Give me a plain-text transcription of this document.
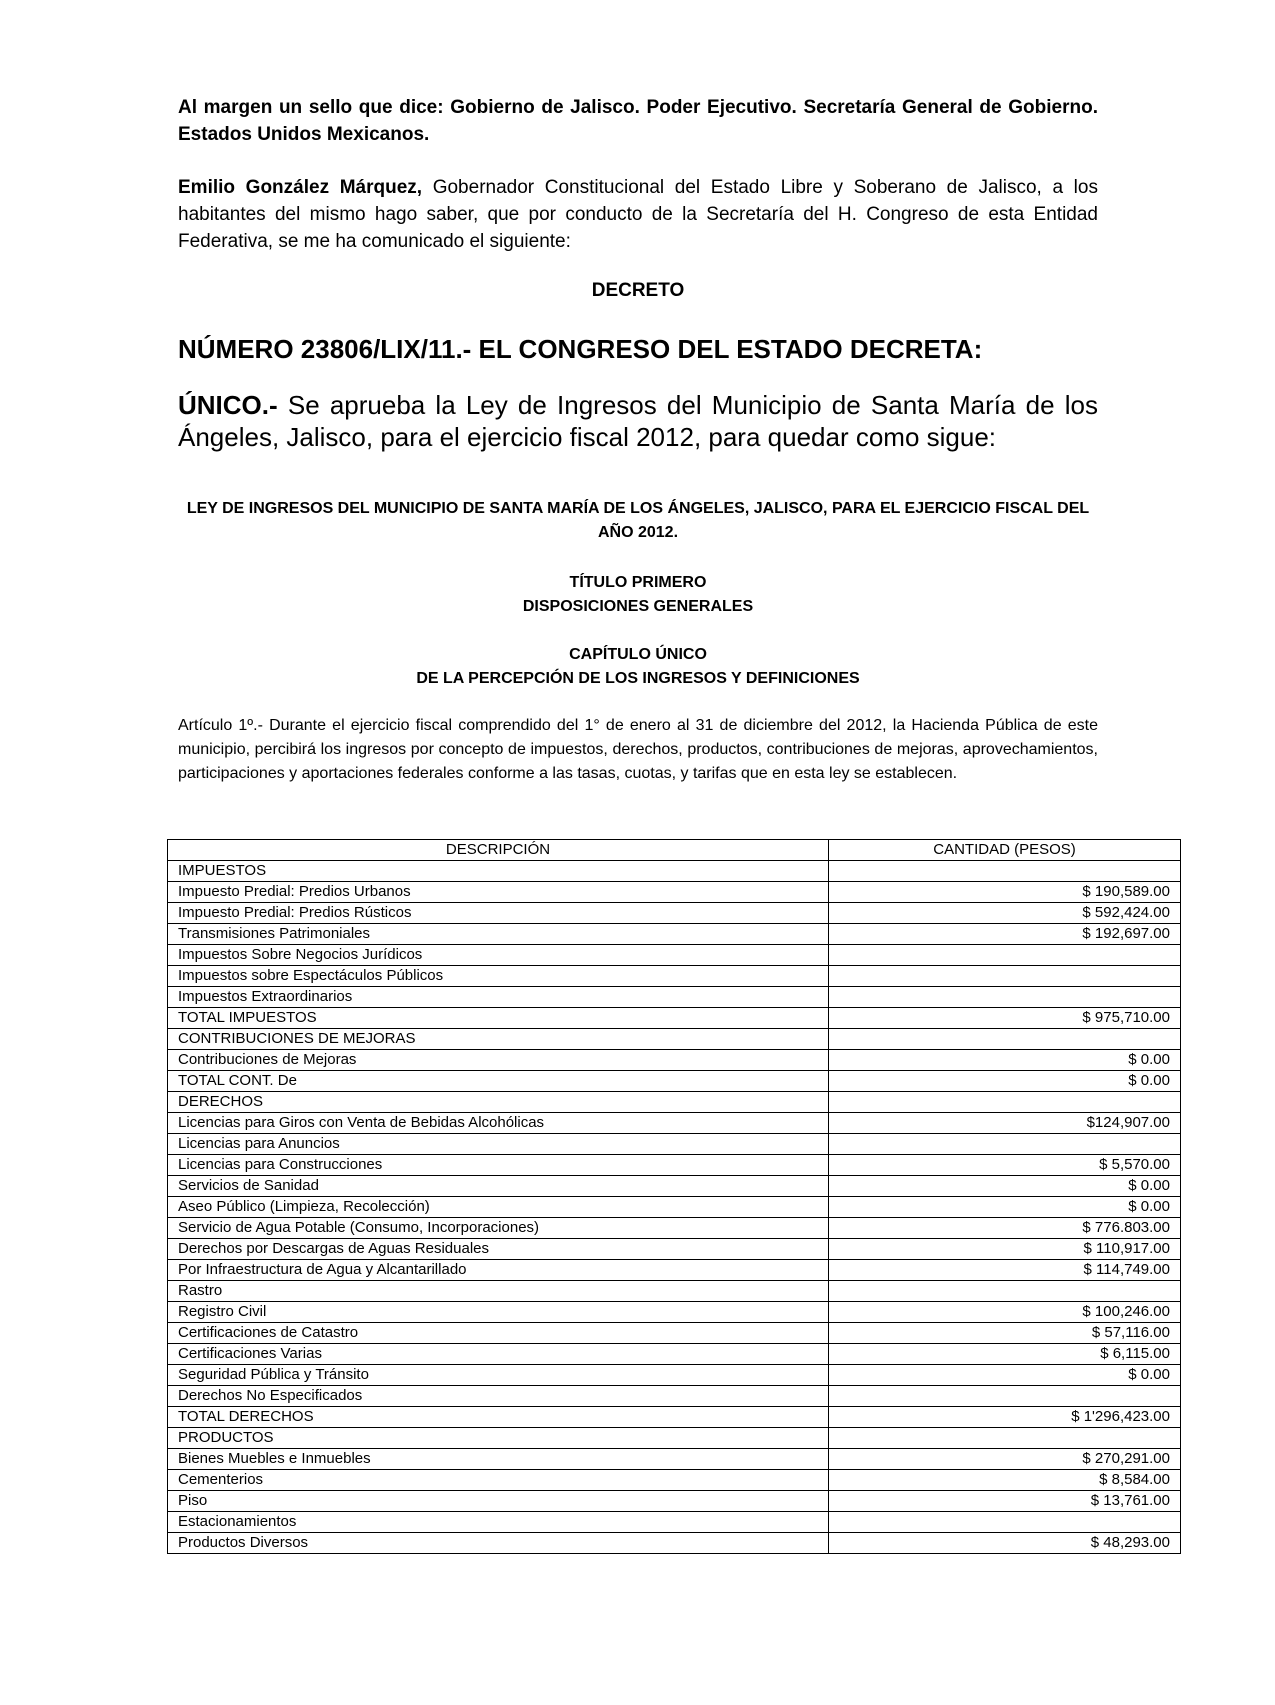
Al margen un sello que dice: Gobierno de Jalisco. Poder Ejecutivo. Secretaría General de Gobierno. Estados Unidos Mexicanos.
Emilio González Márquez, Gobernador Constitucional del Estado Libre y Soberano de Jalisco, a los habitantes del mismo hago saber, que por conducto de la Secretaría del H. Congreso de esta Entidad Federativa, se me ha comunicado el siguiente:
DECRETO
NÚMERO 23806/LIX/11.- EL CONGRESO DEL ESTADO DECRETA:
ÚNICO.- Se aprueba la Ley de Ingresos del Municipio de Santa María de los Ángeles, Jalisco, para el ejercicio fiscal 2012, para quedar como sigue:
LEY DE INGRESOS DEL MUNICIPIO DE SANTA MARÍA DE LOS ÁNGELES, JALISCO, PARA EL EJERCICIO FISCAL DEL AÑO 2012.
TÍTULO PRIMERO
DISPOSICIONES GENERALES
CAPÍTULO ÚNICO
DE LA PERCEPCIÓN DE LOS INGRESOS Y DEFINICIONES
Artículo 1º.- Durante el ejercicio fiscal comprendido del 1° de enero al 31 de diciembre del 2012, la Hacienda Pública de este municipio, percibirá los ingresos por concepto de impuestos, derechos, productos, contribuciones de mejoras, aprovechamientos, participaciones y aportaciones federales conforme a las tasas, cuotas, y tarifas que en esta ley se establecen.
DESCRIPCIÓN	CANTIDAD (PESOS)
IMPUESTOS	
Impuesto Predial: Predios Urbanos	$ 190,589.00
Impuesto Predial: Predios Rústicos	$ 592,424.00
Transmisiones Patrimoniales	$ 192,697.00
Impuestos Sobre Negocios Jurídicos	
Impuestos sobre Espectáculos Públicos	
Impuestos Extraordinarios	
TOTAL IMPUESTOS	$ 975,710.00
CONTRIBUCIONES DE MEJORAS	
Contribuciones de Mejoras	$ 0.00
TOTAL CONT. De	$ 0.00
DERECHOS	
Licencias para Giros con Venta de Bebidas Alcohólicas	$124,907.00
Licencias para Anuncios	
Licencias para Construcciones	$ 5,570.00
Servicios de Sanidad	$ 0.00
Aseo Público (Limpieza, Recolección)	$ 0.00
Servicio de Agua Potable (Consumo, Incorporaciones)	$ 776.803.00
Derechos por Descargas de Aguas Residuales	$ 110,917.00
Por Infraestructura de Agua y Alcantarillado	$ 114,749.00
Rastro	
Registro Civil	$ 100,246.00
Certificaciones de Catastro	$ 57,116.00
Certificaciones Varias	$ 6,115.00
Seguridad Pública y Tránsito	$ 0.00
Derechos No Especificados	
TOTAL DERECHOS	$ 1'296,423.00
PRODUCTOS	
Bienes Muebles e Inmuebles	$ 270,291.00
Cementerios	$ 8,584.00
Piso	$ 13,761.00
Estacionamientos	
Productos Diversos	$ 48,293.00
